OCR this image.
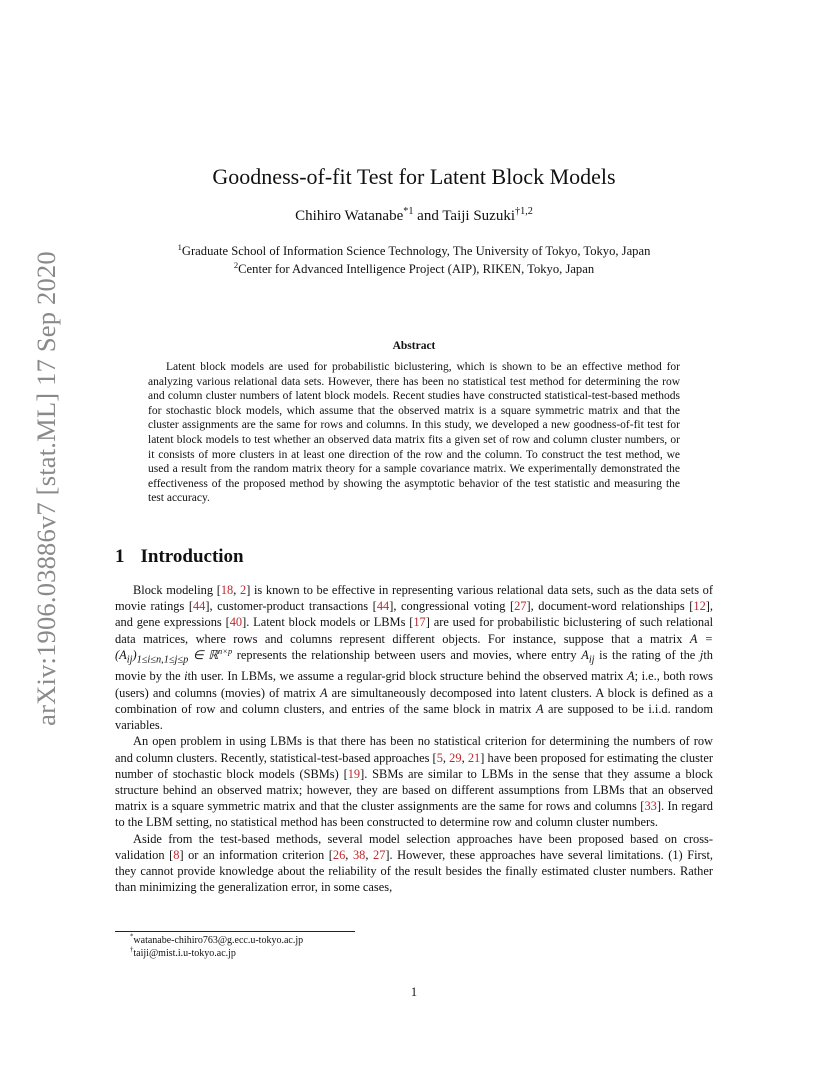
arXiv:1906.03886v7 [stat.ML] 17 Sep 2020
Goodness-of-fit Test for Latent Block Models
Chihiro Watanabe$^{*1}$ and Taiji Suzuki$^{\dagger 1,2}$
$^1$Graduate School of Information Science Technology, The University of Tokyo, Tokyo, Japan
$^2$Center for Advanced Intelligence Project (AIP), RIKEN, Tokyo, Japan
Abstract

Latent block models are used for probabilistic biclustering, which is shown to be an effective method for analyzing various relational data sets. However, there has been no statistical test method for determining the row and column cluster numbers of latent block models. Recent studies have constructed statistical-test-based methods for stochastic block models, which assume that the observed matrix is a square symmetric matrix and that the cluster assignments are the same for rows and columns. In this study, we developed a new goodness-of-fit test for latent block models to test whether an observed data matrix fits a given set of row and column cluster numbers, or it consists of more clusters in at least one direction of the row and the column. To construct the test method, we used a result from the random matrix theory for a sample covariance matrix. We experimentally demonstrated the effectiveness of the proposed method by showing the asymptotic behavior of the test statistic and measuring the test accuracy.

1 Introduction

Block modeling [18, 2] is known to be effective in representing various relational data sets, such as the data sets of movie ratings [44], customer-product transactions [44], congressional voting [27], document-word relationships [12], and gene expressions [40]. Latent block models or LBMs [17] are used for probabilistic biclustering of such relational data matrices, where rows and columns represent different objects. For instance, suppose that a matrix $A = (A_{ij})_{1\le i\le n,1\le j\le p}$ ∈ ℝ$^{n\times p}$ represents the relationship between users and movies, where entry $A_{ij}$ is the rating of the jth movie by the ith user. In LBMs, we assume a regular-grid block structure behind the observed matrix A; i.e., both rows (users) and columns (movies) of matrix A are simultaneously decomposed into latent clusters. A block is defined as a combination of row and column clusters, and entries of the same block in matrix A are supposed to be i.i.d. random variables.

An open problem in using LBMs is that there has been no statistical criterion for determining the numbers of row and column clusters. Recently, statistical-test-based approaches [5, 29, 21] have been proposed for estimating the cluster number of stochastic block models (SBMs) [19]. SBMs are similar to LBMs in the sense that they assume a block structure behind an observed matrix; however, they are based on different assumptions from LBMs that an observed matrix is a square symmetric matrix and that the cluster assignments are the same for rows and columns [33]. In regard to the LBM setting, no statistical method has been constructed to determine row and column cluster numbers.

Aside from the test-based methods, several model selection approaches have been proposed based on cross-validation [8] or an information criterion [26, 38, 27]. However, these approaches have several limitations. (1) First, they cannot provide knowledge about the reliability of the result besides the finally estimated cluster numbers. Rather than minimizing the generalization error, in some cases,

*watanabe-chihiro763@g.ecc.u-tokyo.ac.jp
†taiji@mist.i.u-tokyo.ac.jp
1
